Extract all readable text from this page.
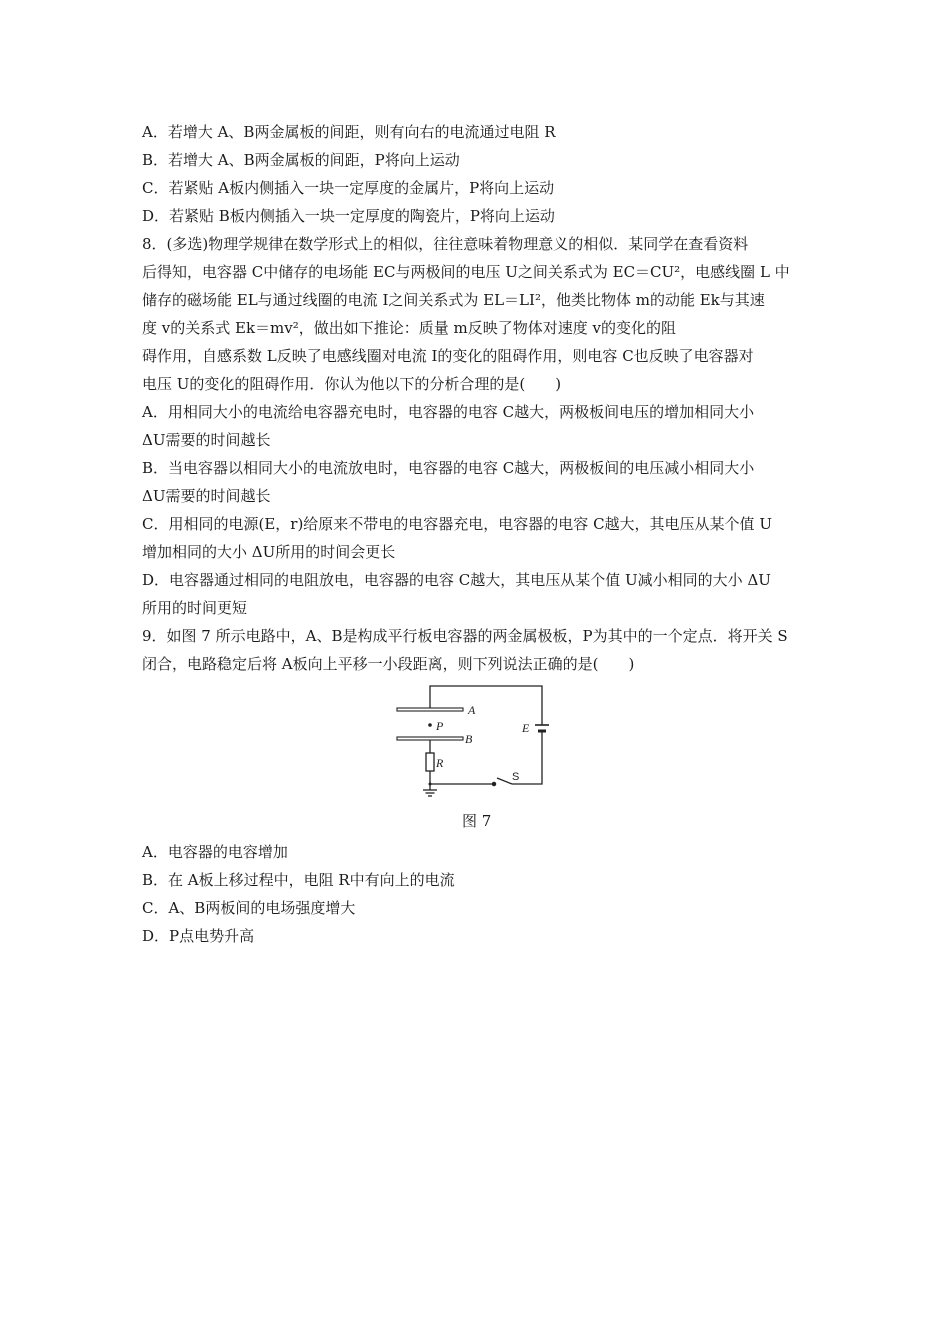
A．若增大 A、B两金属板的间距，则有向右的电流通过电阻 R
B．若增大 A、B两金属板的间距，P将向上运动
C．若紧贴 A板内侧插入一块一定厚度的金属片，P将向上运动
D．若紧贴 B板内侧插入一块一定厚度的陶瓷片，P将向上运动
8．(多选)物理学规律在数学形式上的相似，往往意味着物理意义的相似．某同学在查看资料
后得知，电容器 C中储存的电场能 EC与两极间的电压 U之间关系式为 EC＝CU²，电感线圈 L 中
储存的磁场能 EL与通过线圈的电流 I之间关系式为 EL＝LI²，他类比物体 m的动能 Ek与其速
度 v的关系式 Ek＝mv²，做出如下推论：质量 m反映了物体对速度 v的变化的阻
碍作用，自感系数 L反映了电感线圈对电流 I的变化的阻碍作用，则电容 C也反映了电容器对
电压 U的变化的阻碍作用．你认为他以下的分析合理的是(　　)
A．用相同大小的电流给电容器充电时，电容器的电容 C越大，两极板间电压的增加相同大小
ΔU需要的时间越长
B．当电容器以相同大小的电流放电时，电容器的电容 C越大，两极板间的电压减小相同大小
ΔU需要的时间越长
C．用相同的电源(E，r)给原来不带电的电容器充电，电容器的电容 C越大，其电压从某个值 U
增加相同的大小 ΔU所用的时间会更长
D．电容器通过相同的电阻放电，电容器的电容 C越大，其电压从某个值 U减小相同的大小 ΔU
所用的时间更短
9．如图 7 所示电路中，A、B是构成平行板电容器的两金属极板，P为其中的一个定点．将开关 S
闭合，电路稳定后将 A板向上平移一小段距离，则下列说法正确的是(　　)
A
P
B
E
R
S
图 7
A．电容器的电容增加
B．在 A板上移过程中，电阻 R中有向上的电流
C．A、B两板间的电场强度增大
D．P点电势升高
